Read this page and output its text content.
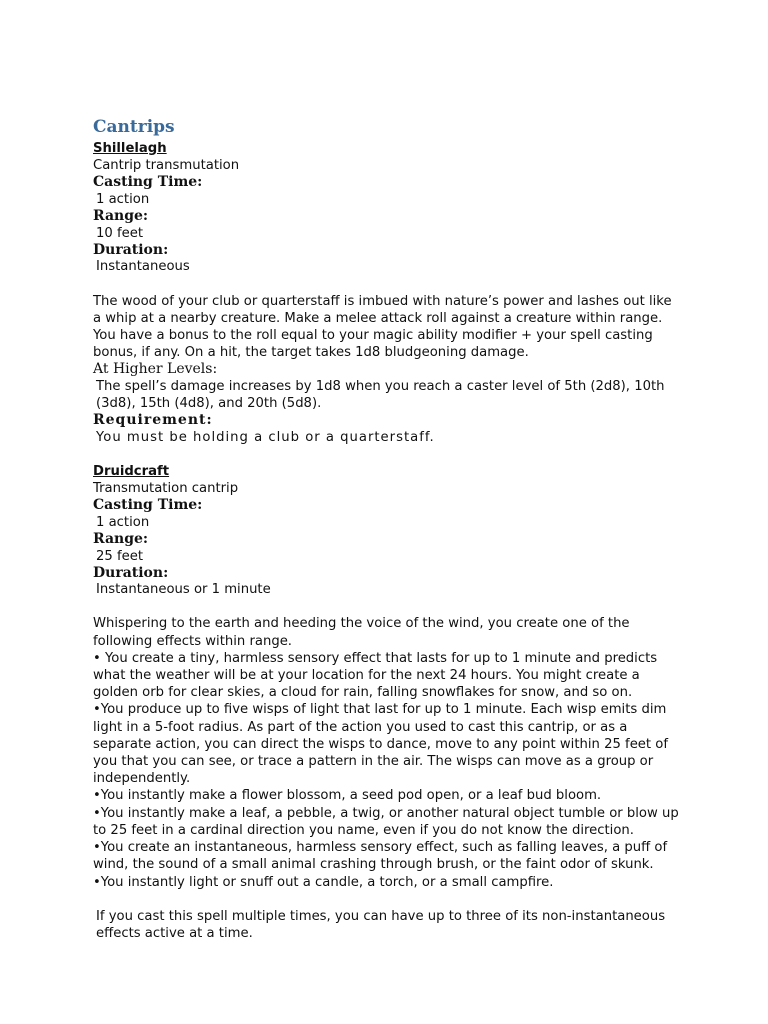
Cantrips
Shillelagh
Cantrip transmutation
Casting Time:
1 action
Range:
10 feet
Duration:
Instantaneous

The wood of your club or quarterstaff is imbued with nature’s power and lashes out like a whip at a nearby creature. Make a melee attack roll against a creature within range. You have a bonus to the roll equal to your magic ability modifier + your spell casting bonus, if any. On a hit, the target takes 1d8 bludgeoning damage.

At Higher Levels:
The spell’s damage increases by 1d8 when you reach a caster level of 5th (2d8), 10th (3d8), 15th (4d8), and 20th (5d8).
Requirement:
You must be holding a club or a quarterstaff.
Druidcraft
Transmutation cantrip
Casting Time:
1 action
Range:
25 feet
Duration:
Instantaneous or 1 minute

Whispering to the earth and heeding the voice of the wind, you create one of the following effects within range.

• You create a tiny, harmless sensory effect that lasts for up to 1 minute and predicts what the weather will be at your location for the next 24 hours. You might create a golden orb for clear skies, a cloud for rain, falling snowflakes for snow, and so on.

•You produce up to five wisps of light that last for up to 1 minute. Each wisp emits dim light in a 5-foot radius. As part of the action you used to cast this cantrip, or as a separate action, you can direct the wisps to dance, move to any point within 25 feet of you that you can see, or trace a pattern in the air. The wisps can move as a group or independently.

•You instantly make a flower blossom, a seed pod open, or a leaf bud bloom.

•You instantly make a leaf, a pebble, a twig, or another natural object tumble or blow up to 25 feet in a cardinal direction you name, even if you do not know the direction.

•You create an instantaneous, harmless sensory effect, such as falling leaves, a puff of wind, the sound of a small animal crashing through brush, or the faint odor of skunk.

•You instantly light or snuff out a candle, a torch, or a small campfire.

If you cast this spell multiple times, you can have up to three of its non-instantaneous effects active at a time.
